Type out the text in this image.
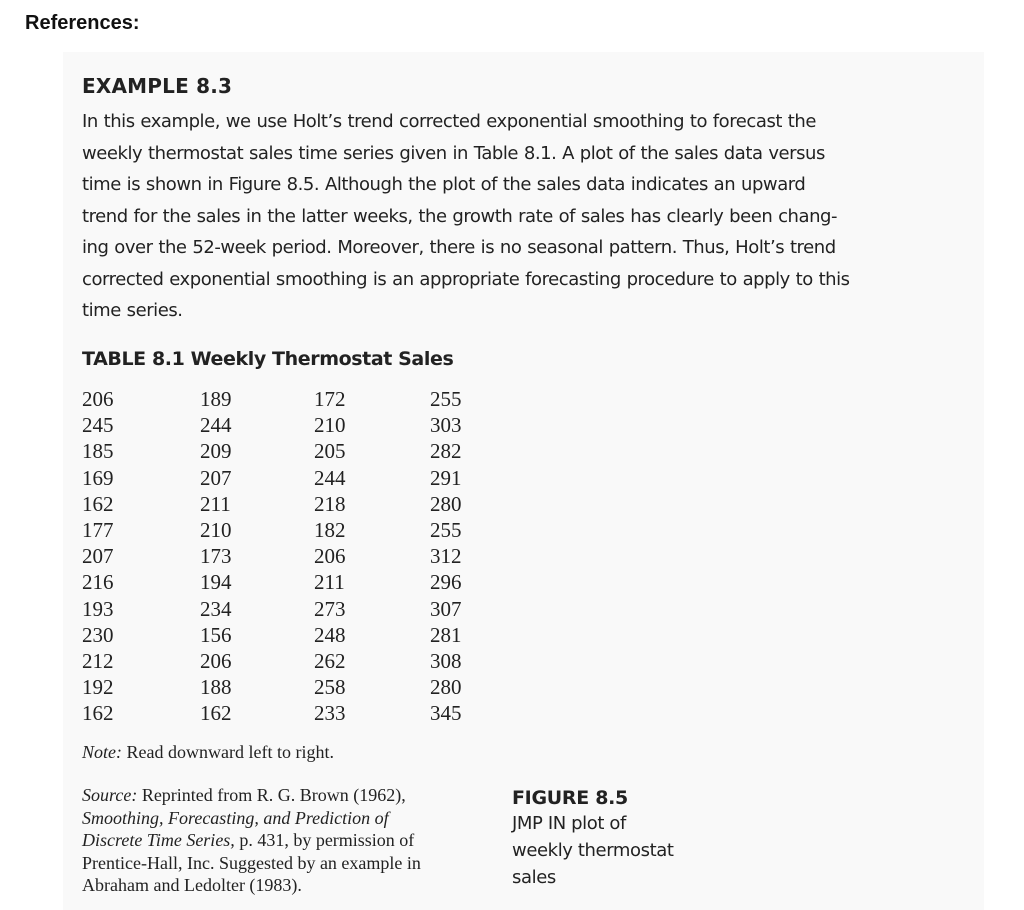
References:
EXAMPLE 8.3
In this example, we use Holt’s trend corrected exponential smoothing to forecast the
weekly thermostat sales time series given in Table 8.1. A plot of the sales data versus
time is shown in Figure 8.5. Although the plot of the sales data indicates an upward
trend for the sales in the latter weeks, the growth rate of sales has clearly been chang-
ing over the 52-week period. Moreover, there is no seasonal pattern. Thus, Holt’s trend
corrected exponential smoothing is an appropriate forecasting procedure to apply to this
time series.
TABLE 8.1 Weekly Thermostat Sales
206
245
185
169
162
177
207
216
193
230
212
192
162
189
244
209
207
211
210
173
194
234
156
206
188
162
172
210
205
244
218
182
206
211
273
248
262
258
233
255
303
282
291
280
255
312
296
307
281
308
280
345
Note: Read downward left to right.
Source: Reprinted from R. G. Brown (1962),
Smoothing, Forecasting, and Prediction of
Discrete Time Series, p. 431, by permission of
Prentice-Hall, Inc. Suggested by an example in
Abraham and Ledolter (1983).
FIGURE 8.5
JMP IN plot of
weekly thermostat
sales
